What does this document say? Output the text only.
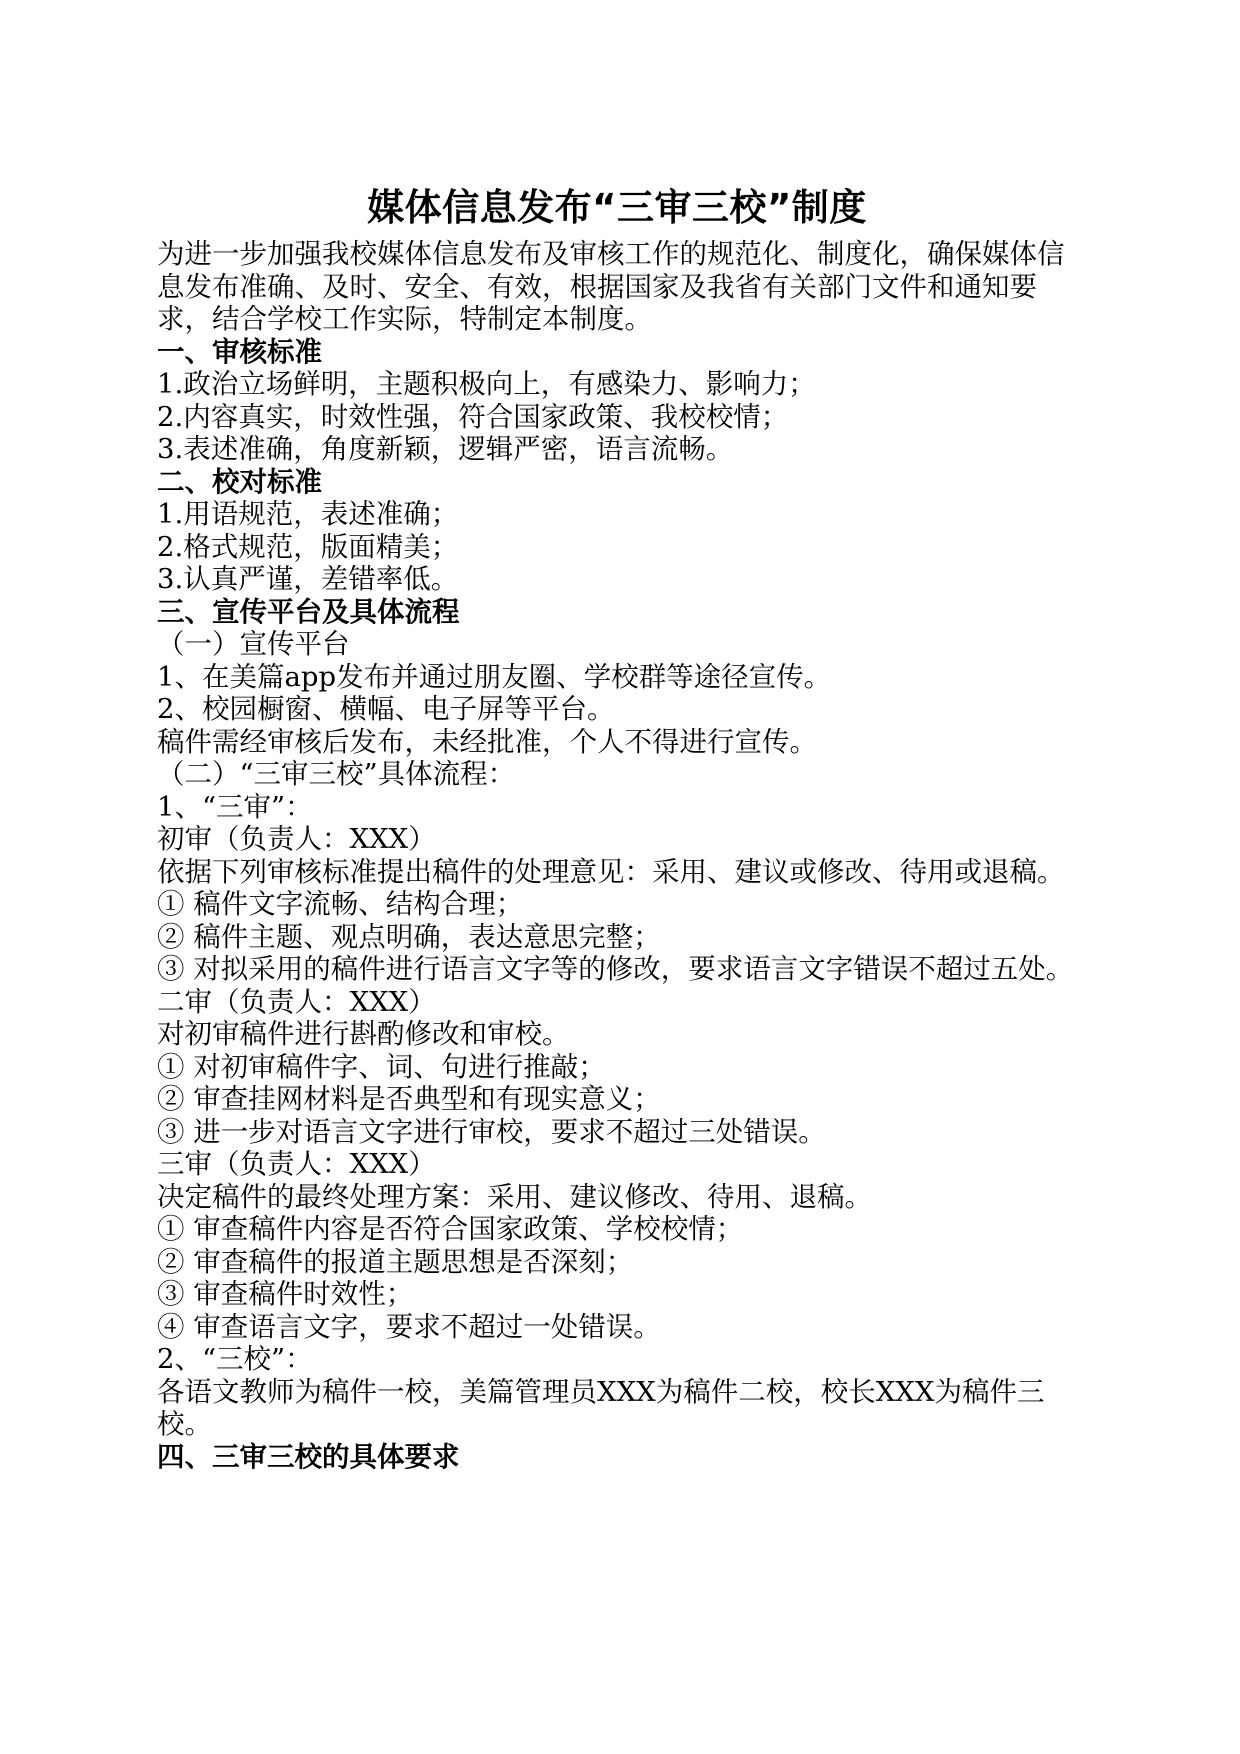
媒体信息发布“三审三校”制度

为进一步加强我校媒体信息发布及审核工作的规范化、制度化，确保媒体信息发布准确、及时、安全、有效，根据国家及我省有关部门文件和通知要求，结合学校工作实际，特制定本制度。

一、审核标准

1.政治立场鲜明，主题积极向上，有感染力、影响力；

2.内容真实，时效性强，符合国家政策、我校校情；

3.表述准确，角度新颖，逻辑严密，语言流畅。

二、校对标准

1.用语规范，表述准确；

2.格式规范，版面精美；

3.认真严谨，差错率低。

三、宣传平台及具体流程

（一）宣传平台

1、在美篇app发布并通过朋友圈、学校群等途径宣传。

2、校园橱窗、横幅、电子屏等平台。

稿件需经审核后发布，未经批准，个人不得进行宣传。

（二）“三审三校”具体流程：

1、“三审”：

初审（负责人：XXX）

依据下列审核标准提出稿件的处理意见：采用、建议或修改、待用或退稿。

① 稿件文字流畅、结构合理；

② 稿件主题、观点明确，表达意思完整；

③ 对拟采用的稿件进行语言文字等的修改，要求语言文字错误不超过五处。

二审（负责人：XXX）

对初审稿件进行斟酌修改和审校。

① 对初审稿件字、词、句进行推敲；

② 审查挂网材料是否典型和有现实意义；

③ 进一步对语言文字进行审校，要求不超过三处错误。

三审（负责人：XXX）

决定稿件的最终处理方案：采用、建议修改、待用、退稿。

① 审查稿件内容是否符合国家政策、学校校情；

② 审查稿件的报道主题思想是否深刻；

③ 审查稿件时效性；

④ 审查语言文字，要求不超过一处错误。

2、“三校”：

各语文教师为稿件一校，美篇管理员XXX为稿件二校，校长XXX为稿件三校。

四、三审三校的具体要求
